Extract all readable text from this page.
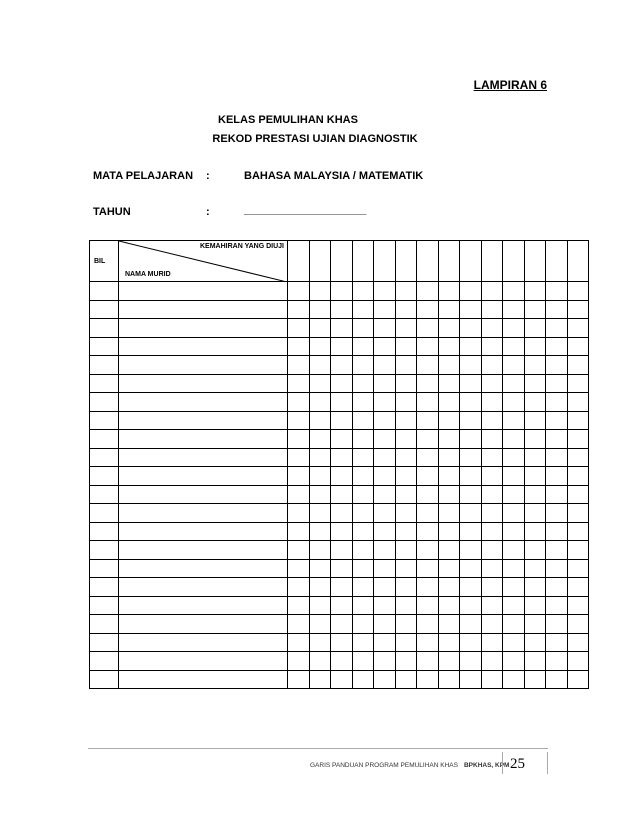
LAMPIRAN 6
KELAS PEMULIHAN KHAS
REKOD PRESTASI UJIAN DIAGNOSTIK
MATA PELAJARAN :	BAHASA MALAYSIA / MATEMATIK
TAHUN	:	____________________
BIL	KEMAHIRAN YANG DIUJI
NAMA MURID														

GARIS PANDUAN PROGRAM PEMULIHAN KHAS BPKHAS, KPM 25
